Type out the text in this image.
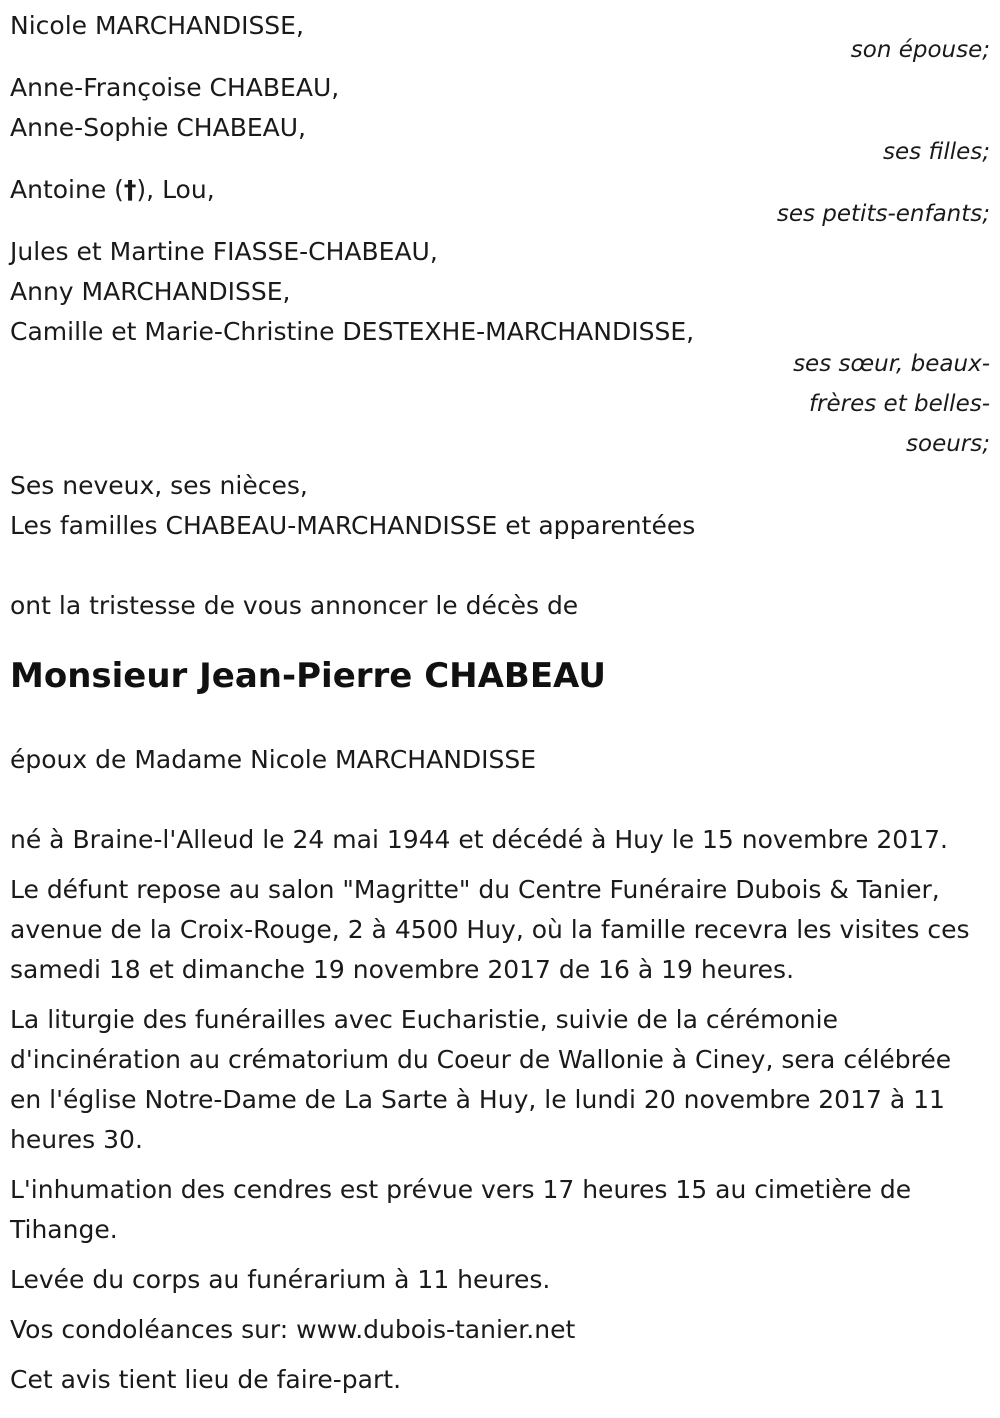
Nicole MARCHANDISSE,
son épouse;
Anne-Françoise CHABEAU,
Anne-Sophie CHABEAU,
ses filles;
Antoine (†), Lou,
ses petits-enfants;
Jules et Martine FIASSE-CHABEAU,
Anny MARCHANDISSE,
Camille et Marie-Christine DESTEXHE-MARCHANDISSE,
ses sœur, beaux-
frères et belles-
soeurs;
Ses neveux, ses nièces,
Les familles CHABEAU-MARCHANDISSE et apparentées
ont la tristesse de vous annoncer le décès de
Monsieur Jean-Pierre CHABEAU
époux de Madame Nicole MARCHANDISSE
né à Braine-l'Alleud le 24 mai 1944 et décédé à Huy le 15 novembre 2017.
Le défunt repose au salon "Magritte" du Centre Funéraire Dubois & Tanier, avenue de la Croix-Rouge, 2 à 4500 Huy, où la famille recevra les visites ces samedi 18 et dimanche 19 novembre 2017 de 16 à 19 heures.
La liturgie des funérailles avec Eucharistie, suivie de la cérémonie d'incinération au crématorium du Coeur de Wallonie à Ciney, sera célébrée en l'église Notre-Dame de La Sarte à Huy, le lundi 20 novembre 2017 à 11 heures 30.
L'inhumation des cendres est prévue vers 17 heures 15 au cimetière de Tihange.
Levée du corps au funérarium à 11 heures.
Vos condoléances sur: www.dubois-tanier.net
Cet avis tient lieu de faire-part.
